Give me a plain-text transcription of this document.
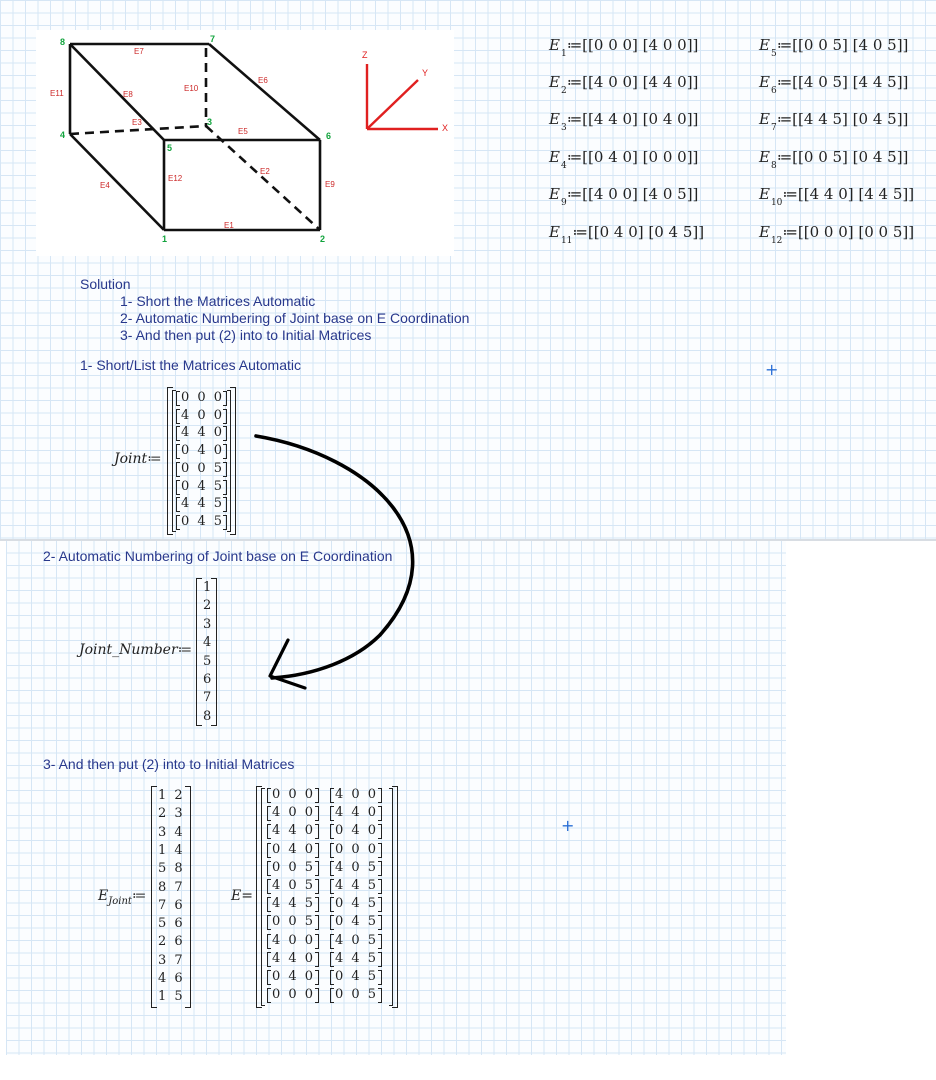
1	2
3
4
5
6
7
8
E1
E2
E3
E4
E5
E6
E7
E8
E9
E10
E11
E12
Z
Y
X
$E_1≔[[0$ 0 0] [4 0 0]]
$E_2≔[[4$ 0 0] [4 4 0]]
$E_3≔[[4$ 4 0] [0 4 0]]
$E_4≔[[0$ 4 0] [0 0 0]]
$E_9≔[[4$ 0 0] [4 0 5]]
$E_{11}≔[[0$ 4 0] [0 4 5]]
$E_5≔[[0$ 0 5] [4 0 5]]
$E_6≔[[4$ 0 5] [4 4 5]]
$E_7≔[[4$ 4 5] [0 4 5]]
$E_8≔[[0$ 0 5] [0 4 5]]
$E_{10}≔[[4$ 4 0] [4 4 5]]
$E_{12}≔[[0$ 0 0] [0 0 5]]
Solution
1- Short the Matrices Automatic
2- Automatic Numbering of Joint base on E Coordination
3- And then put (2) into to Initial Matrices
1- Short/List the Matrices Automatic
2- Automatic Numbering of Joint base on E Coordination
3- And then put (2) into to Initial Matrices
+
+
Joint≔
0 0 0
4 0 0
4 4 0
0 4 0
0 0 5
0 4 5
4 4 5
0 4 5
Joint_Number≔
1
2
3
4
5
6
7
8
$E_{Joint}≔$
1 2
2 3
3 4
1 4
5 8
8 7
7 6
5 6
2 6
3 7
4 6
1 5
E=
0 0 0 4 0 0
4 0 0 4 4 0
4 4 0 0 4 0
0 4 0 0 0 0
0 0 5 4 0 5
4 0 5 4 4 5
4 4 5 0 4 5
0 0 5 0 4 5
4 0 0 4 0 5
4 4 0 4 4 5
0 4 0 0 4 5
0 0 0 0 0 5
